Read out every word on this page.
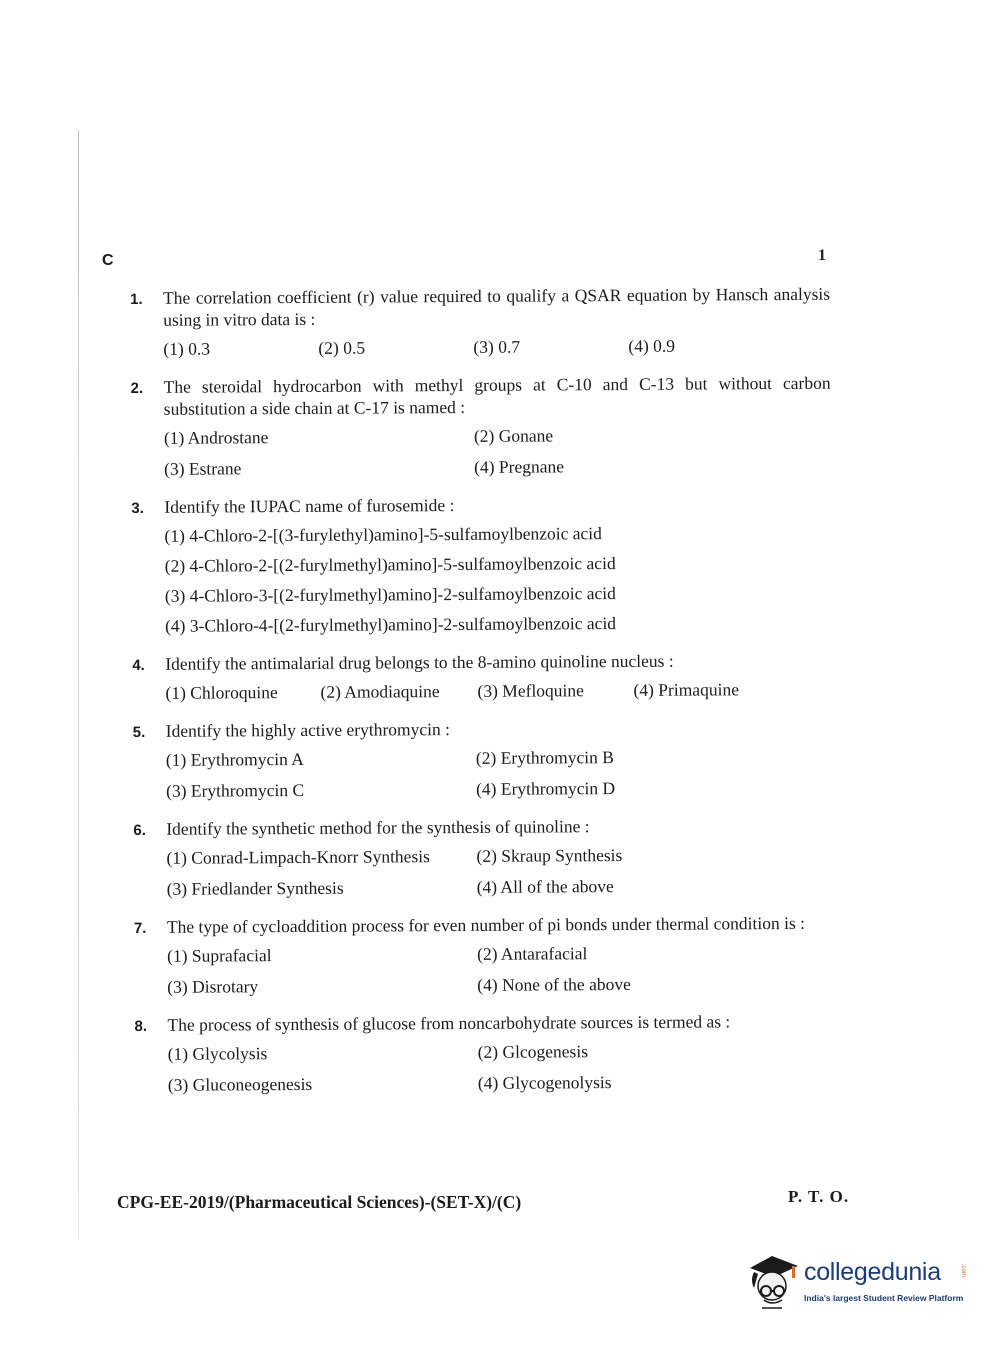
C	1
1.	The correlation coefficient (r) value required to qualify a QSAR equation by Hansch analysis using in vitro data is :
(1) 0.3	(2) 0.5	(3) 0.7	(4) 0.9
2.	The steroidal hydrocarbon with methyl groups at C-10 and C-13 but without carbon substitution a side chain at C-17 is named :
(1) Androstane	(2) Gonane
(3) Estrane	(4) Pregnane
3.	Identify the IUPAC name of furosemide :
(1) 4-Chloro-2-[(3-furylethyl)amino]-5-sulfamoylbenzoic acid
(2) 4-Chloro-2-[(2-furylmethyl)amino]-5-sulfamoylbenzoic acid
(3) 4-Chloro-3-[(2-furylmethyl)amino]-2-sulfamoylbenzoic acid
(4) 3-Chloro-4-[(2-furylmethyl)amino]-2-sulfamoylbenzoic acid
4.	Identify the antimalarial drug belongs to the 8-amino quinoline nucleus :
(1) Chloroquine	(2) Amodiaquine	(3) Mefloquine	(4) Primaquine
5.	Identify the highly active erythromycin :
(1) Erythromycin A	(2) Erythromycin B
(3) Erythromycin C	(4) Erythromycin D
6.	Identify the synthetic method for the synthesis of quinoline :
(1) Conrad-Limpach-Knorr Synthesis	(2) Skraup Synthesis
(3) Friedlander Synthesis	(4) All of the above
7.	The type of cycloaddition process for even number of pi bonds under thermal condition is :
(1) Suprafacial	(2) Antarafacial
(3) Disrotary	(4) None of the above
8.	The process of synthesis of glucose from noncarbohydrate sources is termed as :
(1) Glycolysis	(2) Glcogenesis
(3) Gluconeogenesis	(4) Glycogenolysis
CPG-EE-2019/(Pharmaceutical Sciences)-(SET-X)/(C)	P. T. O.
collegedunia	.com
India's largest Student Review Platform
